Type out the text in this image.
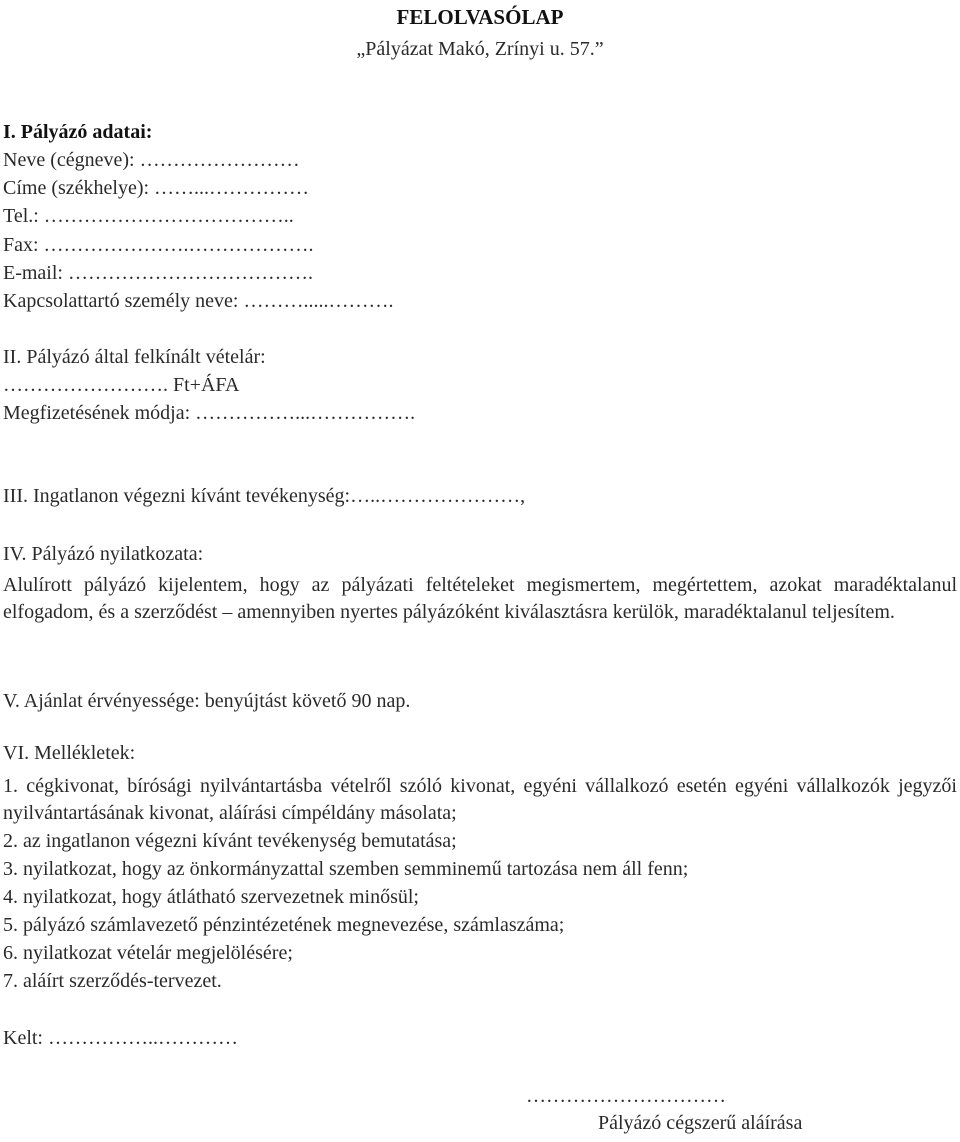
FELOLVASÓLAP
„Pályázat Makó, Zrínyi u. 57.”
I. Pályázó adatai:
Neve (cégneve): ……………………
Címe (székhelye): ……...……………
Tel.: ………………………………..
Fax: ………………….……………….
E-mail: ……………………………….
Kapcsolattartó személy neve: ……….....……….
II. Pályázó által felkínált vételár:
……………………. Ft+ÁFA
Megfizetésének módja: ……………...…………….
III. Ingatlanon végezni kívánt tevékenység:…..…………………,
IV. Pályázó nyilatkozata:
Alulírott pályázó kijelentem, hogy az pályázati feltételeket megismertem, megértettem, azokat maradéktalanul elfogadom, és a szerződést – amennyiben nyertes pályázóként kiválasztásra kerülök, maradéktalanul teljesítem.
V. Ajánlat érvényessége: benyújtást követő 90 nap.
VI. Mellékletek:
1. cégkivonat, bírósági nyilvántartásba vételről szóló kivonat, egyéni vállalkozó esetén egyéni vállalkozók jegyzői nyilvántartásának kivonat, aláírási címpéldány másolata;
2. az ingatlanon végezni kívánt tevékenység bemutatása;
3. nyilatkozat, hogy az önkormányzattal szemben semminemű tartozása nem áll fenn;
4. nyilatkozat, hogy átlátható szervezetnek minősül;
5. pályázó számlavezető pénzintézetének megnevezése, számlaszáma;
6. nyilatkozat vételár megjelölésére;
7. aláírt szerződés-tervezet.
Kelt: ……………..…………
…………………………
Pályázó cégszerű aláírása
